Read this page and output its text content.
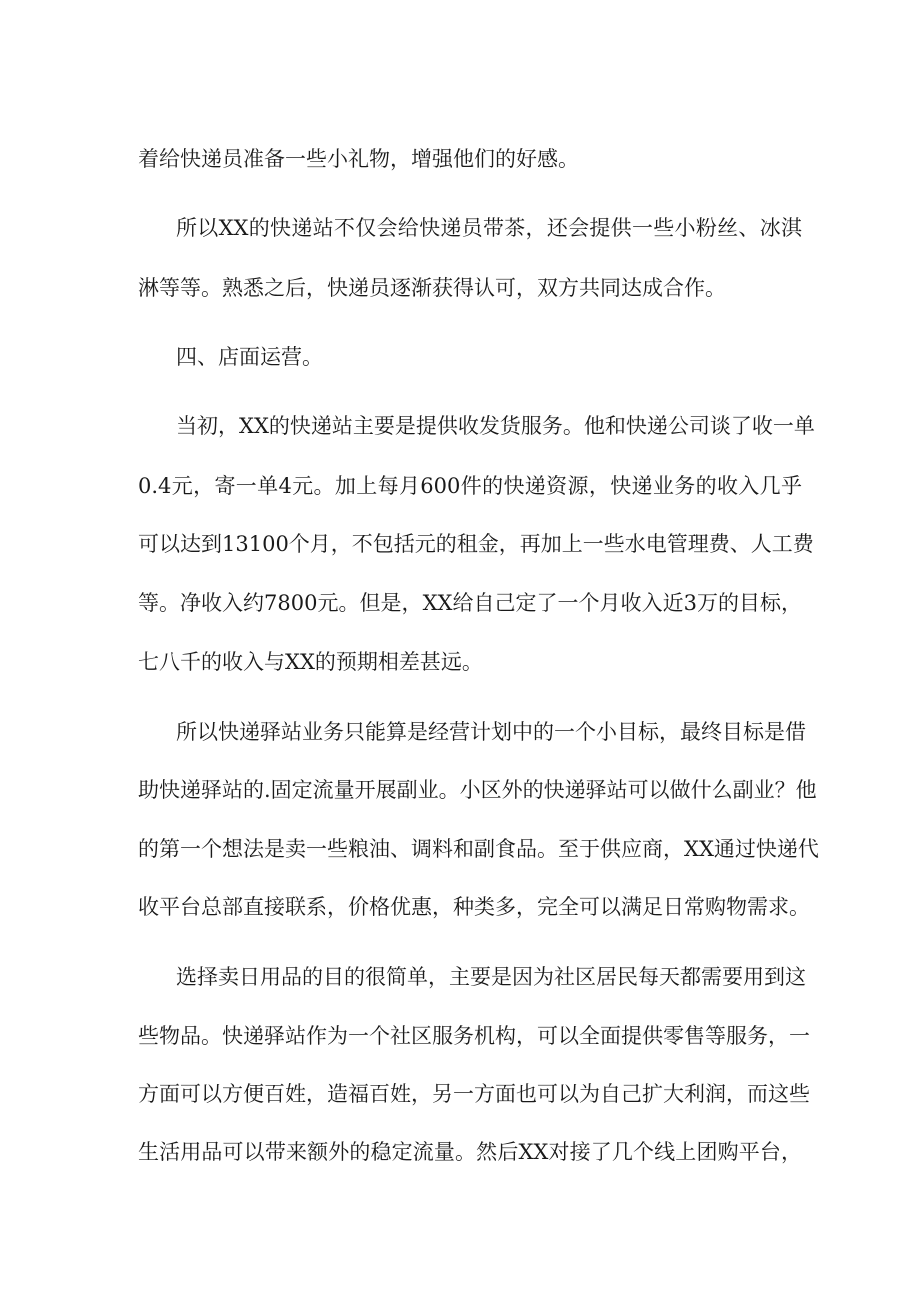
着给快递员准备一些小礼物，增强他们的好感。
所以XX的快递站不仅会给快递员带茶，还会提供一些小粉丝、冰淇
淋等等。熟悉之后，快递员逐渐获得认可，双方共同达成合作。
四、店面运营。
当初，XX的快递站主要是提供收发货服务。他和快递公司谈了收一单
0.4元，寄一单4元。加上每月600件的快递资源，快递业务的收入几乎
可以达到13100个月，不包括元的租金，再加上一些水电管理费、人工费
等。净收入约7800元。但是，XX给自己定了一个月收入近3万的目标，
七八千的收入与XX的预期相差甚远。
所以快递驿站业务只能算是经营计划中的一个小目标，最终目标是借
助快递驿站的.固定流量开展副业。小区外的快递驿站可以做什么副业？他
的第一个想法是卖一些粮油、调料和副食品。至于供应商，XX通过快递代
收平台总部直接联系，价格优惠，种类多，完全可以满足日常购物需求。
选择卖日用品的目的很简单，主要是因为社区居民每天都需要用到这
些物品。快递驿站作为一个社区服务机构，可以全面提供零售等服务，一
方面可以方便百姓，造福百姓，另一方面也可以为自己扩大利润，而这些
生活用品可以带来额外的稳定流量。然后XX对接了几个线上团购平台，
